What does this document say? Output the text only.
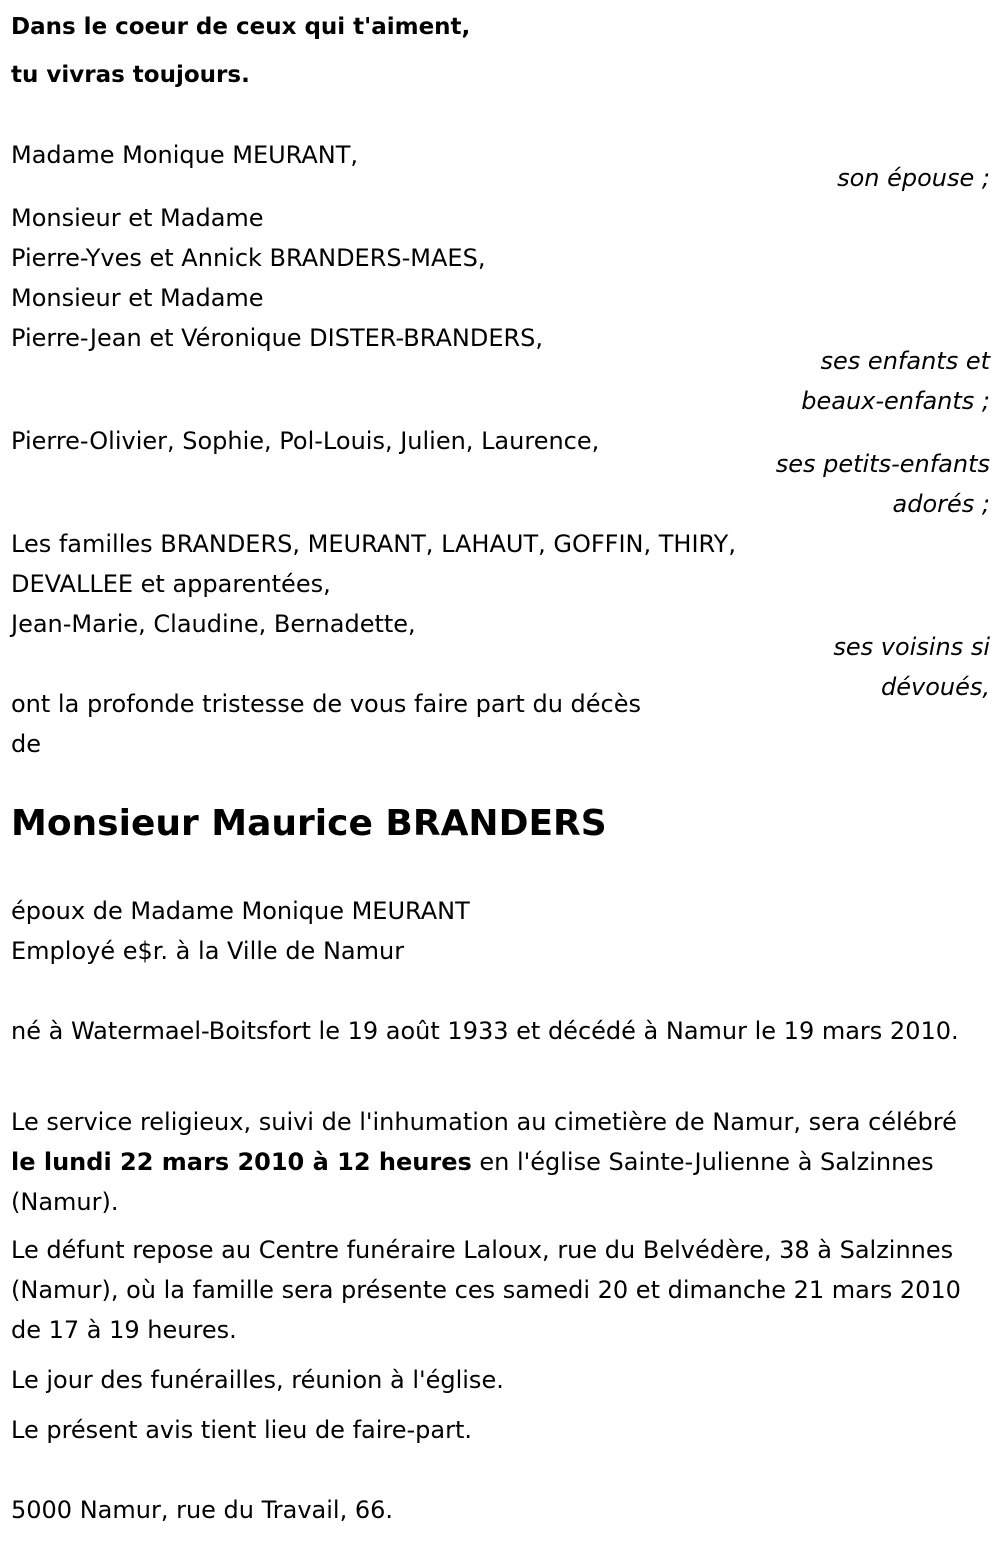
Dans le coeur de ceux qui t'aiment,
tu vivras toujours.
Madame Monique MEURANT,
son épouse ;
Monsieur et Madame
Pierre-Yves et Annick BRANDERS-MAES,
Monsieur et Madame
Pierre-Jean et Véronique DISTER-BRANDERS,
ses enfants et
beaux-enfants ;
Pierre-Olivier, Sophie, Pol-Louis, Julien, Laurence,
ses petits-enfants
adorés ;
Les familles BRANDERS, MEURANT, LAHAUT, GOFFIN, THIRY,
DEVALLEE et apparentées,
Jean-Marie, Claudine, Bernadette,
ses voisins si
dévoués,
ont la profonde tristesse de vous faire part du décès
de
Monsieur Maurice BRANDERS
époux de Madame Monique MEURANT
Employé e$r. à la Ville de Namur
né à Watermael-Boitsfort le 19 août 1933 et décédé à Namur le 19 mars 2010.
Le service religieux, suivi de l'inhumation au cimetière de Namur, sera célébré le lundi 22 mars 2010 à 12 heures en l'église Sainte-Julienne à Salzinnes (Namur).
Le défunt repose au Centre funéraire Laloux, rue du Belvédère, 38 à Salzinnes (Namur), où la famille sera présente ces samedi 20 et dimanche 21 mars 2010 de 17 à 19 heures.
Le jour des funérailles, réunion à l'église.
Le présent avis tient lieu de faire-part.
5000 Namur, rue du Travail, 66.
